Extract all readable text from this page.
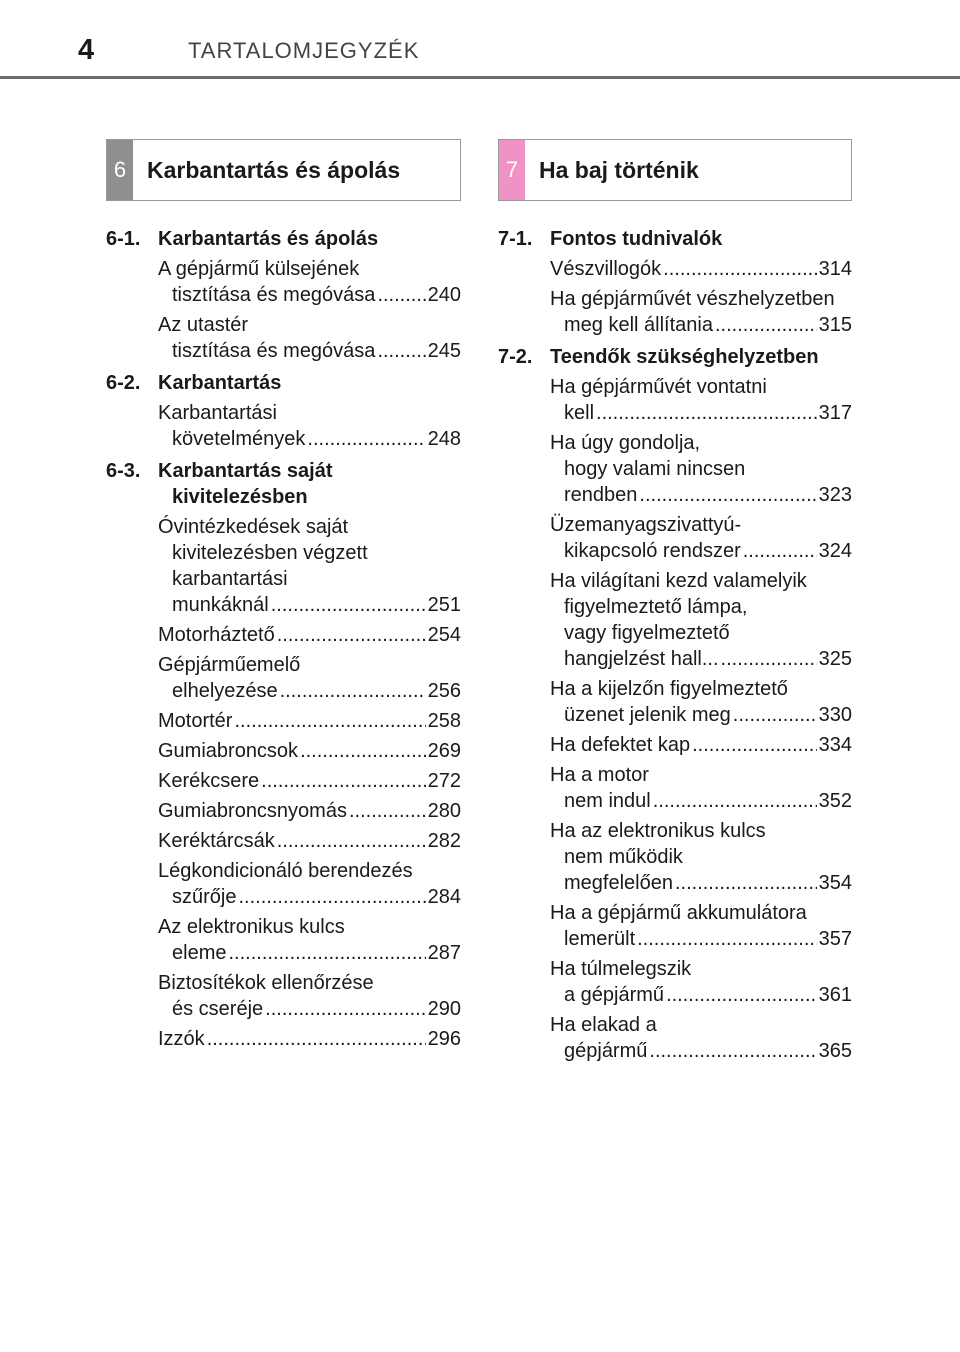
4	TARTALOMJEGYZÉK
6 Karbantartás és ápolás
6-1. Karbantartás és ápolás
A gépjármű külsejének
tisztítása és megóvása .....	240
Az utastér
tisztítása és megóvása .....	245
6-2. Karbantartás
Karbantartási
követelmények .....	248
6-3. Karbantartás saját
kivitelezésben
Óvintézkedések saját
kivitelezésben végzett
karbantartási
munkáknál .....	251
Motorháztető .....	254
Gépjárműemelő
elhelyezése .....	256
Motortér .....	258
Gumiabroncsok .....	269
Kerékcsere .....	272
Gumiabroncsnyomás .....	280
Keréktárcsák .....	282
Légkondicionáló berendezés
szűrője .....	284
Az elektronikus kulcs
eleme .....	287
Biztosítékok ellenőrzése
és cseréje .....	290
Izzók .....	296
7 Ha baj történik
7-1. Fontos tudnivalók
Vészvillogók .....	314
Ha gépjárművét vészhelyzetben
meg kell állítania .....	315
7-2. Teendők szükséghelyzetben
Ha gépjárművét vontatni
kell .....	317
Ha úgy gondolja,
hogy valami nincsen
rendben .....	323
Üzemanyagszivattyú-
kikapcsoló rendszer .....	324
Ha világítani kezd valamelyik
figyelmeztető lámpa,
vagy figyelmeztető
hangjelzést hall... .....	325
Ha a kijelzőn figyelmeztető
üzenet jelenik meg .....	330
Ha defektet kap .....	334
Ha a motor
nem indul .....	352
Ha az elektronikus kulcs
nem működik
megfelelően .....	354
Ha a gépjármű akkumulátora
lemerült .....	357
Ha túlmelegszik
a gépjármű .....	361
Ha elakad a
gépjármű .....	365
